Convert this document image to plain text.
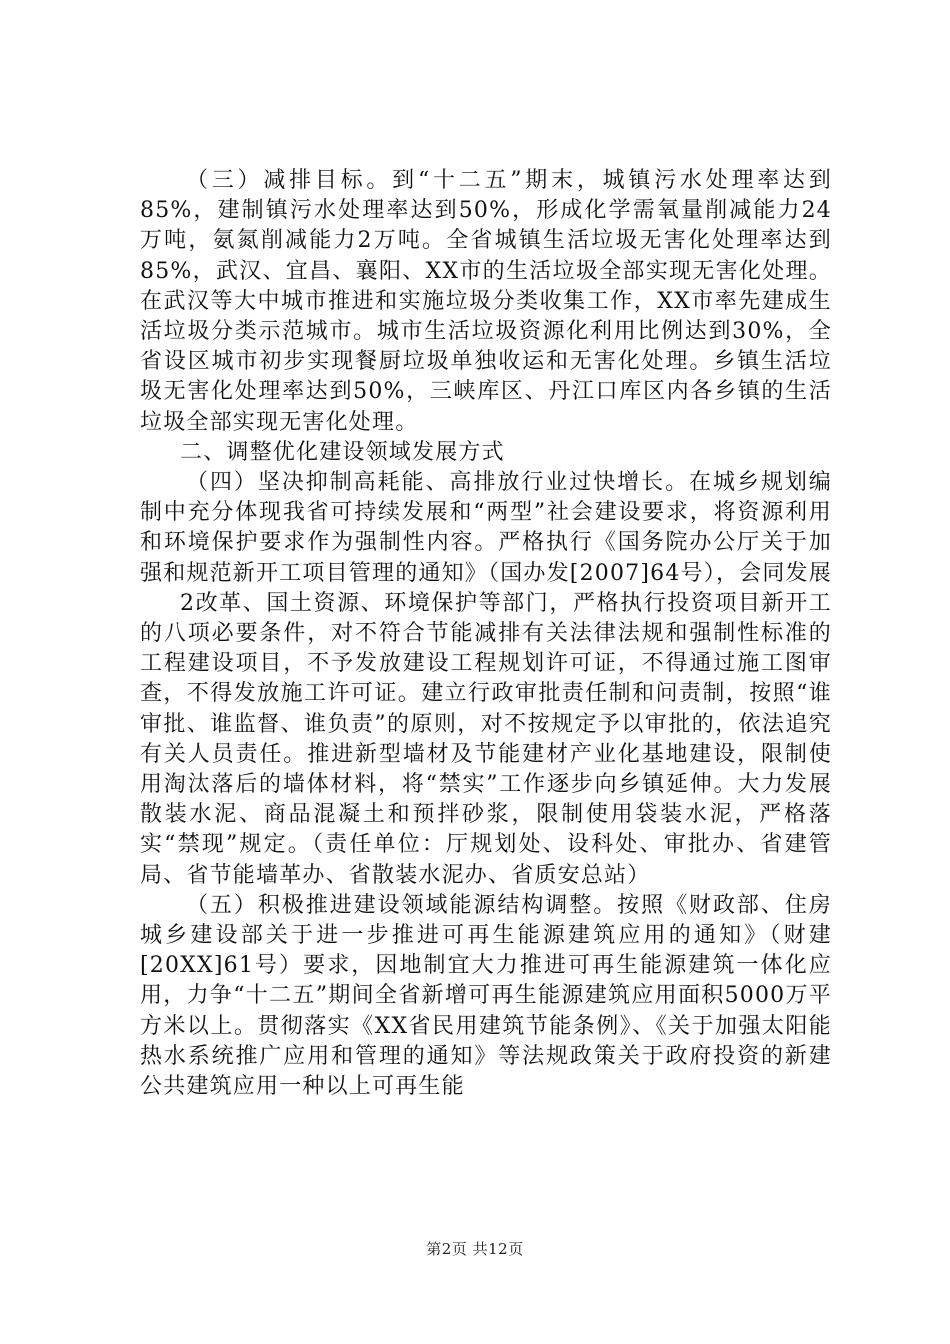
（三）减排目标。到“十二五”期末，城镇污水处理率达到85%，建制镇污水处理率达到50%，形成化学需氧量削减能力24万吨，氨氮削减能力2万吨。全省城镇生活垃圾无害化处理率达到85%，武汉、宜昌、襄阳、XX市的生活垃圾全部实现无害化处理。在武汉等大中城市推进和实施垃圾分类收集工作，XX市率先建成生活垃圾分类示范城市。城市生活垃圾资源化利用比例达到30%，全省设区城市初步实现餐厨垃圾单独收运和无害化处理。乡镇生活垃圾无害化处理率达到50%，三峡库区、丹江口库区内各乡镇的生活垃圾全部实现无害化处理。

二、调整优化建设领域发展方式

（四）坚决抑制高耗能、高排放行业过快增长。在城乡规划编制中充分体现我省可持续发展和“两型”社会建设要求，将资源利用和环境保护要求作为强制性内容。严格执行《国务院办公厅关于加强和规范新开工项目管理的通知》（国办发[2007]64号），会同发展

2改革、国土资源、环境保护等部门，严格执行投资项目新开工的八项必要条件，对不符合节能减排有关法律法规和强制性标准的工程建设项目，不予发放建设工程规划许可证，不得通过施工图审查，不得发放施工许可证。建立行政审批责任制和问责制，按照“谁审批、谁监督、谁负责”的原则，对不按规定予以审批的，依法追究有关人员责任。推进新型墙材及节能建材产业化基地建设，限制使用淘汰落后的墙体材料，将“禁实”工作逐步向乡镇延伸。大力发展散装水泥、商品混凝土和预拌砂浆，限制使用袋装水泥，严格落实“禁现”规定。（责任单位：厅规划处、设科处、审批办、省建管局、省节能墙革办、省散装水泥办、省质安总站）

（五）积极推进建设领域能源结构调整。按照《财政部、住房城乡建设部关于进一步推进可再生能源建筑应用的通知》（财建[20XX]61号）要求，因地制宜大力推进可再生能源建筑一体化应用，力争“十二五”期间全省新增可再生能源建筑应用面积5000万平方米以上。贯彻落实《XX省民用建筑节能条例》、《关于加强太阳能热水系统推广应用和管理的通知》等法规政策关于政府投资的新建公共建筑应用一种以上可再生能

第2页 共12页
